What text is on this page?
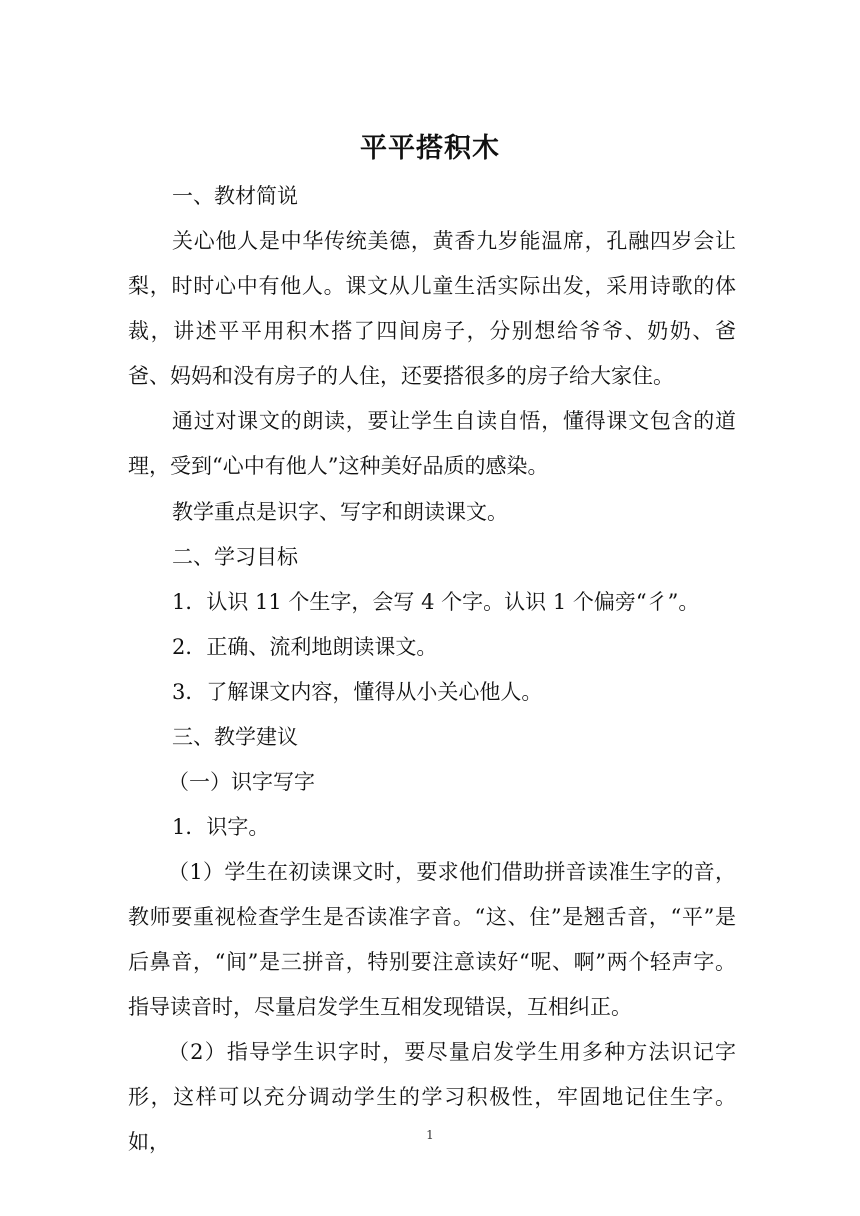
平平搭积木
一、教材简说
关心他人是中华传统美德，黄香九岁能温席，孔融四岁会让梨，时时心中有他人。课文从儿童生活实际出发，采用诗歌的体裁，讲述平平用积木搭了四间房子，分别想给爷爷、奶奶、爸爸、妈妈和没有房子的人住，还要搭很多的房子给大家住。
通过对课文的朗读，要让学生自读自悟，懂得课文包含的道理，受到“心中有他人”这种美好品质的感染。
教学重点是识字、写字和朗读课文。
二、学习目标
1．认识 11 个生字，会写 4 个字。认识 1 个偏旁“彳”。
2．正确、流利地朗读课文。
3．了解课文内容，懂得从小关心他人。
三、教学建议
（一）识字写字
1．识字。
（1）学生在初读课文时，要求他们借助拼音读准生字的音，教师要重视检查学生是否读准字音。“这、住”是翘舌音，“平”是后鼻音，“间”是三拼音，特别要注意读好“呢、啊”两个轻声字。指导读音时，尽量启发学生互相发现错误，互相纠正。
（2）指导学生识字时，要尽量启发学生用多种方法识记字形，这样可以充分调动学生的学习积极性，牢固地记住生字。如，	1
